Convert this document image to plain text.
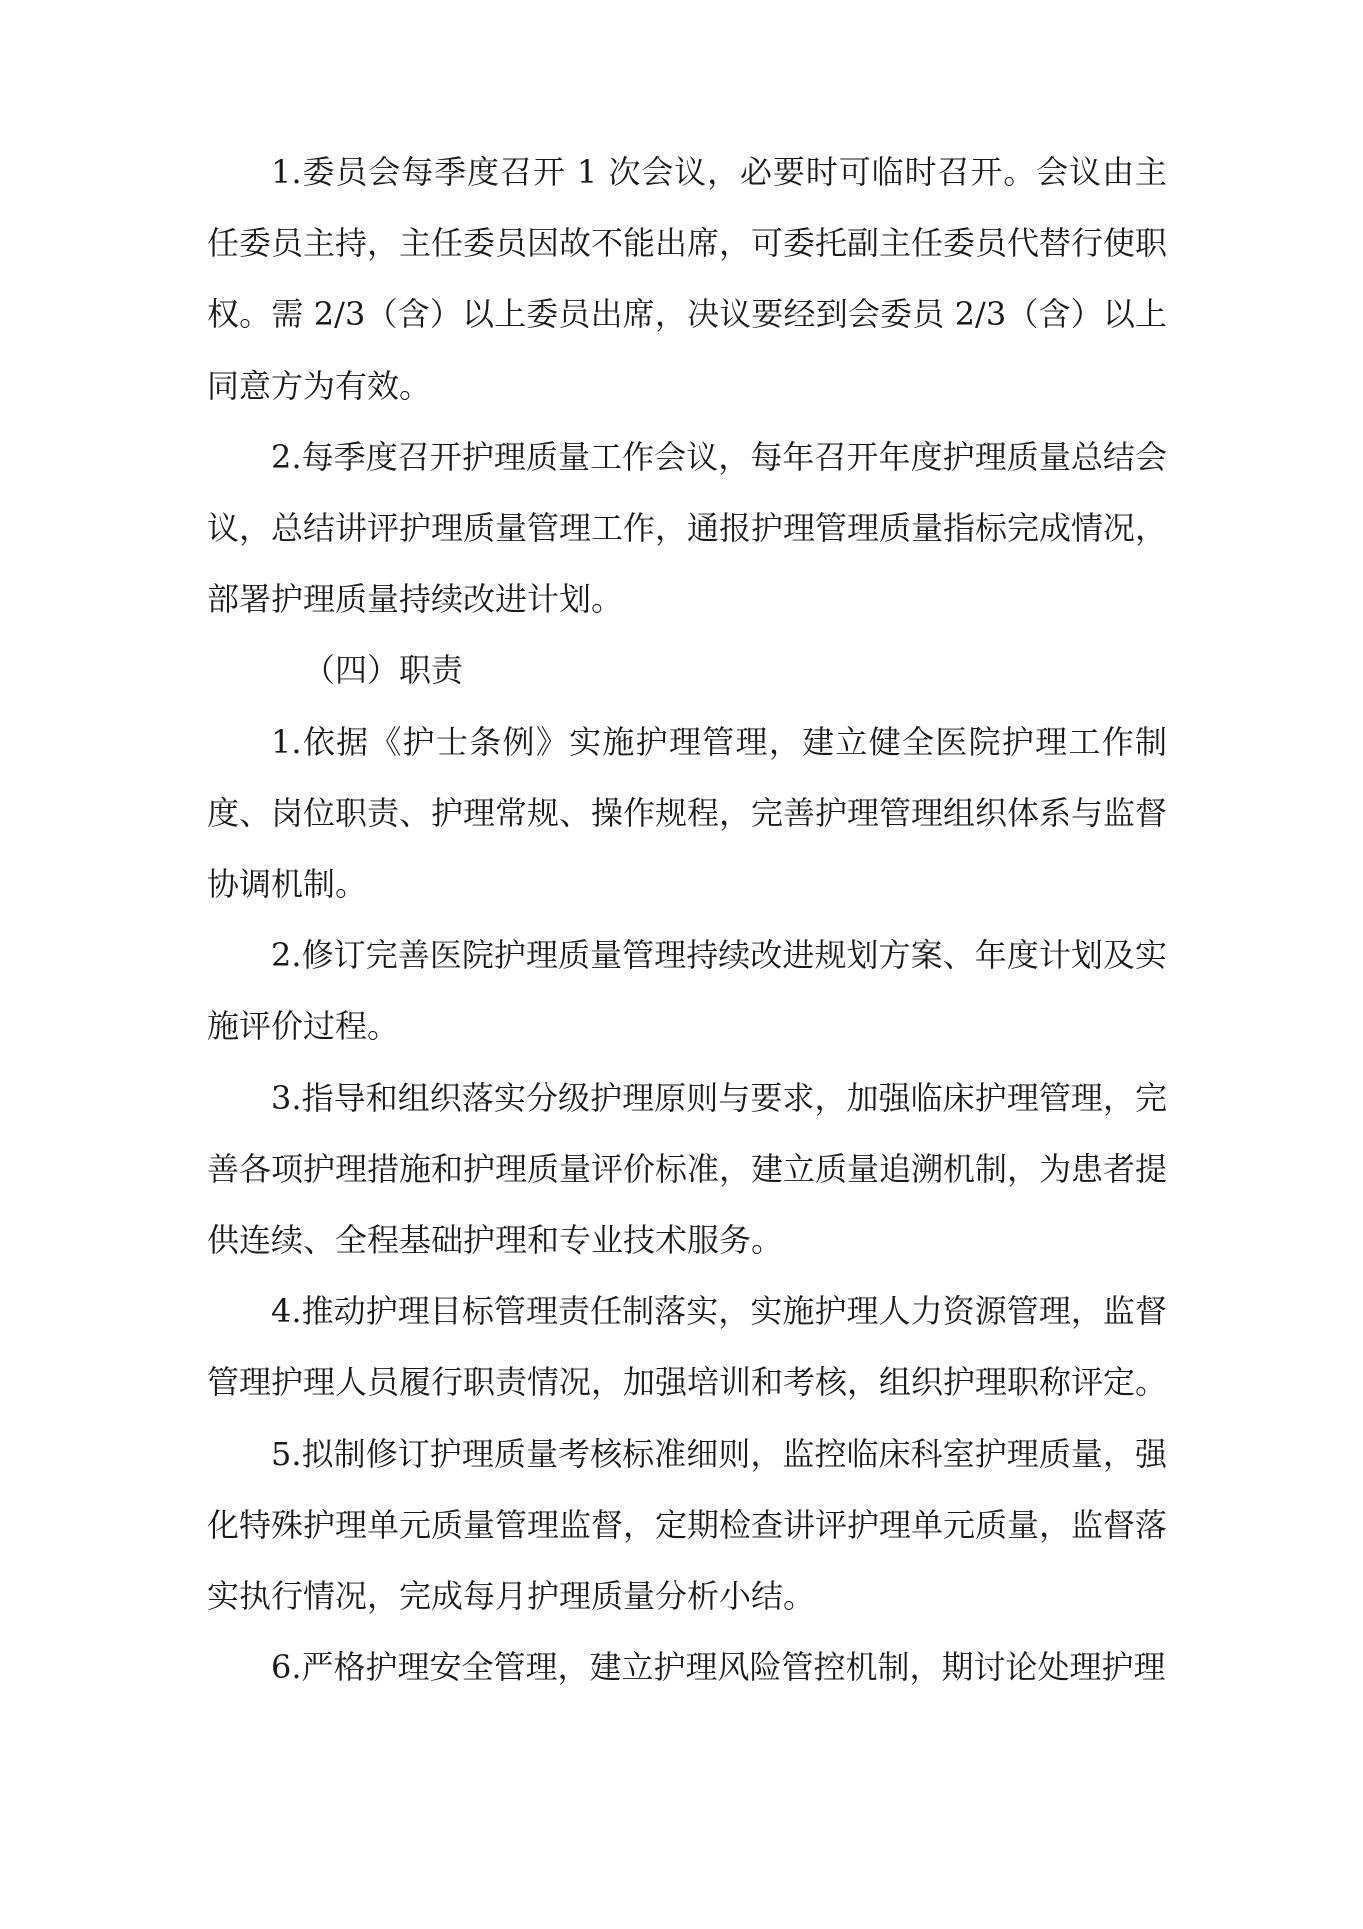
1.委员会每季度召开 1 次会议，必要时可临时召开。会议由主任委员主持，主任委员因故不能出席，可委托副主任委员代替行使职权。需 2/3（含）以上委员出席，决议要经到会委员 2/3（含）以上同意方为有效。

2.每季度召开护理质量工作会议，每年召开年度护理质量总结会议，总结讲评护理质量管理工作，通报护理管理质量指标完成情况，部署护理质量持续改进计划。

（四）职责

1.依据《护士条例》实施护理管理，建立健全医院护理工作制度、岗位职责、护理常规、操作规程，完善护理管理组织体系与监督协调机制。

2.修订完善医院护理质量管理持续改进规划方案、年度计划及实施评价过程。

3.指导和组织落实分级护理原则与要求，加强临床护理管理，完善各项护理措施和护理质量评价标准，建立质量追溯机制，为患者提供连续、全程基础护理和专业技术服务。

4.推动护理目标管理责任制落实，实施护理人力资源管理，监督管理护理人员履行职责情况，加强培训和考核，组织护理职称评定。

5.拟制修订护理质量考核标准细则，监控临床科室护理质量，强化特殊护理单元质量管理监督，定期检查讲评护理单元质量，监督落实执行情况，完成每月护理质量分析小结。

6.严格护理安全管理，建立护理风险管控机制，期讨论处理护理
